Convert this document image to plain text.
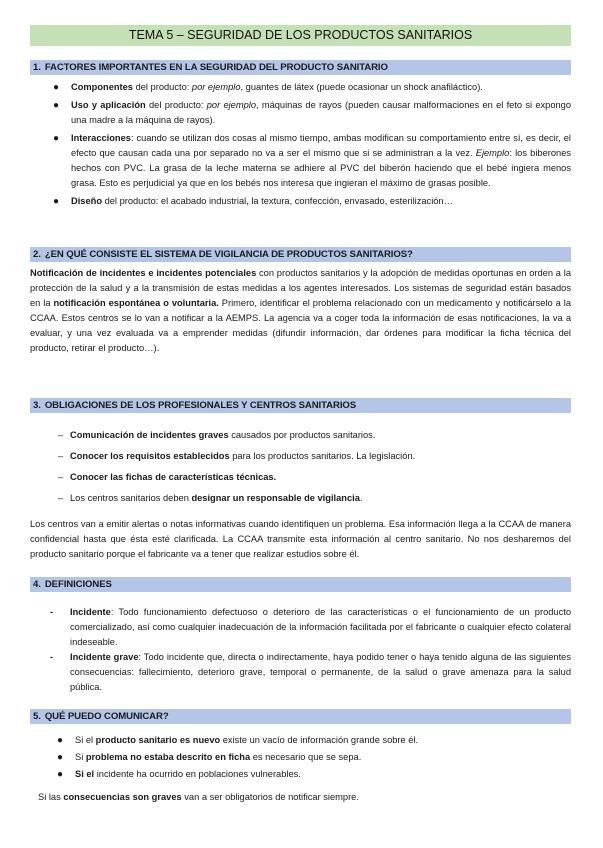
TEMA 5 – SEGURIDAD DE LOS PRODUCTOS SANITARIOS
1. FACTORES IMPORTANTES EN LA SEGURIDAD DEL PRODUCTO SANITARIO
● Componentes del producto: por ejemplo, guantes de látex (puede ocasionar un shock anafiláctico).
● Uso y aplicación del producto: por ejemplo, máquinas de rayos (pueden causar malformaciones en el feto si expongo una madre a la máquina de rayos).
● Interacciones: cuando se utilizan dos cosas al mismo tiempo, ambas modifican su comportamiento entre sí, es decir, el efecto que causan cada una por separado no va a ser el mismo que si se administran a la vez. Ejemplo: los biberones hechos con PVC. La grasa de la leche materna se adhiere al PVC del biberón haciendo que el bebé ingiera menos grasa. Esto es perjudicial ya que en los bebés nos interesa que ingieran el máximo de grasas posible.
● Diseño del producto: el acabado industrial, la textura, confección, envasado, esterilización…
2. ¿EN QUÉ CONSISTE EL SISTEMA DE VIGILANCIA DE PRODUCTOS SANITARIOS?

Notificación de incidentes e incidentes potenciales con productos sanitarios y la adopción de medidas oportunas en orden a la protección de la salud y a la transmisión de estas medidas a los agentes interesados. Los sistemas de seguridad están basados en la notificación espontánea o voluntaria. Primero, identificar el problema relacionado con un medicamento y notificárselo a la CCAA. Estos centros se lo van a notificar a la AEMPS. La agencia va a coger toda la información de esas notificaciones, la va a evaluar, y una vez evaluada va a emprender medidas (difundir información, dar órdenes para modificar la ficha técnica del producto, retirar el producto…).

3. OBLIGACIONES DE LOS PROFESIONALES Y CENTROS SANITARIOS
– Comunicación de incidentes graves causados por productos sanitarios.
– Conocer los requisitos establecidos para los productos sanitarios. La legislación.
– Conocer las fichas de características técnicas.
– Los centros sanitarios deben designar un responsable de vigilancia.

Los centros van a emitir alertas o notas informativas cuando identifiquen un problema. Esa información llega a la CCAA de manera confidencial hasta que ésta esté clarificada. La CCAA transmite esta información al centro sanitario. No nos desharemos del producto sanitario porque el fabricante va a tener que realizar estudios sobre él.

4. DEFINICIONES
- Incidente: Todo funcionamiento defectuoso o deterioro de las características o el funcionamiento de un producto comercializado, así como cualquier inadecuación de la información facilitada por el fabricante o cualquier efecto colateral indeseable.
- Incidente grave: Todo incidente que, directa o indirectamente, haya podido tener o haya tenido alguna de las siguientes consecuencias: fallecimiento, deterioro grave, temporal o permanente, de la salud o grave amenaza para la salud pública.
5. QUÉ PUEDO COMUNICAR?
● Si el producto sanitario es nuevo existe un vacío de información grande sobre él.
● Si problema no estaba descrito en ficha es necesario que se sepa.
● Si el incidente ha ocurrido en poblaciones vulnerables.

Si las consecuencias son graves van a ser obligatorios de notificar siempre.
